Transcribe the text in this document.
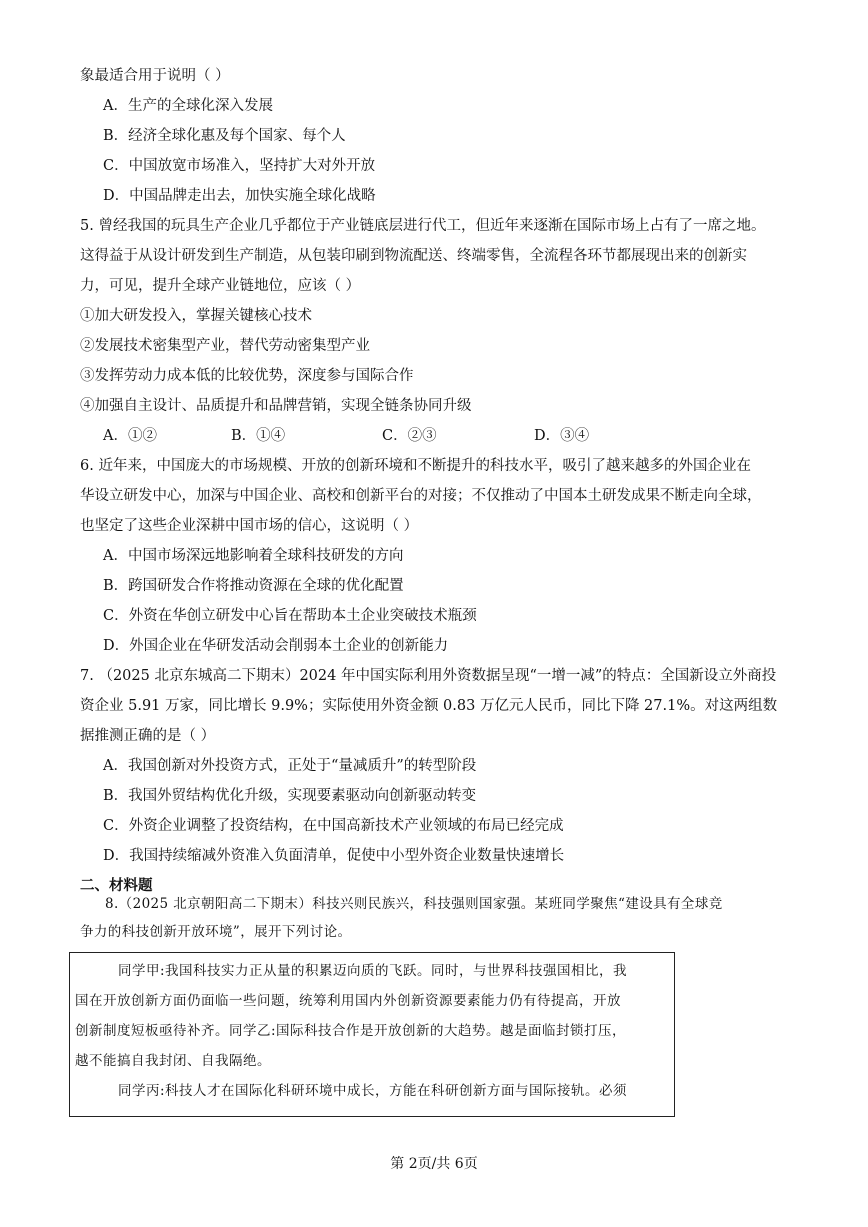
象最适合用于说明（ ）
A．生产的全球化深入发展
B．经济全球化惠及每个国家、每个人
C．中国放宽市场准入，坚持扩大对外开放
D．中国品牌走出去，加快实施全球化战略
5. 曾经我国的玩具生产企业几乎都位于产业链底层进行代工，但近年来逐渐在国际市场上占有了一席之地。
这得益于从设计研发到生产制造，从包装印刷到物流配送、终端零售，全流程各环节都展现出来的创新实
力，可见，提升全球产业链地位，应该（ ）
①加大研发投入，掌握关键核心技术
②发展技术密集型产业，替代劳动密集型产业
③发挥劳动力成本低的比较优势，深度参与国际合作
④加强自主设计、品质提升和品牌营销，实现全链条协同升级
A．①②	B．①④	C．②③	D．③④
6. 近年来，中国庞大的市场规模、开放的创新环境和不断提升的科技水平，吸引了越来越多的外国企业在
华设立研发中心，加深与中国企业、高校和创新平台的对接；不仅推动了中国本土研发成果不断走向全球，
也坚定了这些企业深耕中国市场的信心，这说明（ ）
A．中国市场深远地影响着全球科技研发的方向
B．跨国研发合作将推动资源在全球的优化配置
C．外资在华创立研发中心旨在帮助本土企业突破技术瓶颈
D．外国企业在华研发活动会削弱本土企业的创新能力
7. （2025 北京东城高二下期末）2024 年中国实际利用外资数据呈现“一增一减”的特点：全国新设立外商投
资企业 5.91 万家，同比增长 9.9%；实际使用外资金额 0.83 万亿元人民币，同比下降 27.1%。对这两组数
据推测正确的是（ ）
A．我国创新对外投资方式，正处于“量减质升”的转型阶段
B．我国外贸结构优化升级，实现要素驱动向创新驱动转变
C．外资企业调整了投资结构，在中国高新技术产业领域的布局已经完成
D．我国持续缩减外资准入负面清单，促使中小型外资企业数量快速增长
二、材料题
8.（2025 北京朝阳高二下期末）科技兴则民族兴，科技强则国家强。某班同学聚焦“建设具有全球竞
争力的科技创新开放环境”，展开下列讨论。
同学甲:我国科技实力正从量的积累迈向质的飞跃。同时，与世界科技强国相比，我
国在开放创新方面仍面临一些问题，统筹利用国内外创新资源要素能力仍有待提高，开放
创新制度短板亟待补齐。同学乙:国际科技合作是开放创新的大趋势。越是面临封锁打压，
越不能搞自我封闭、自我隔绝。
同学丙:科技人才在国际化科研环境中成长，方能在科研创新方面与国际接轨。必须
第 2页/共 6页
